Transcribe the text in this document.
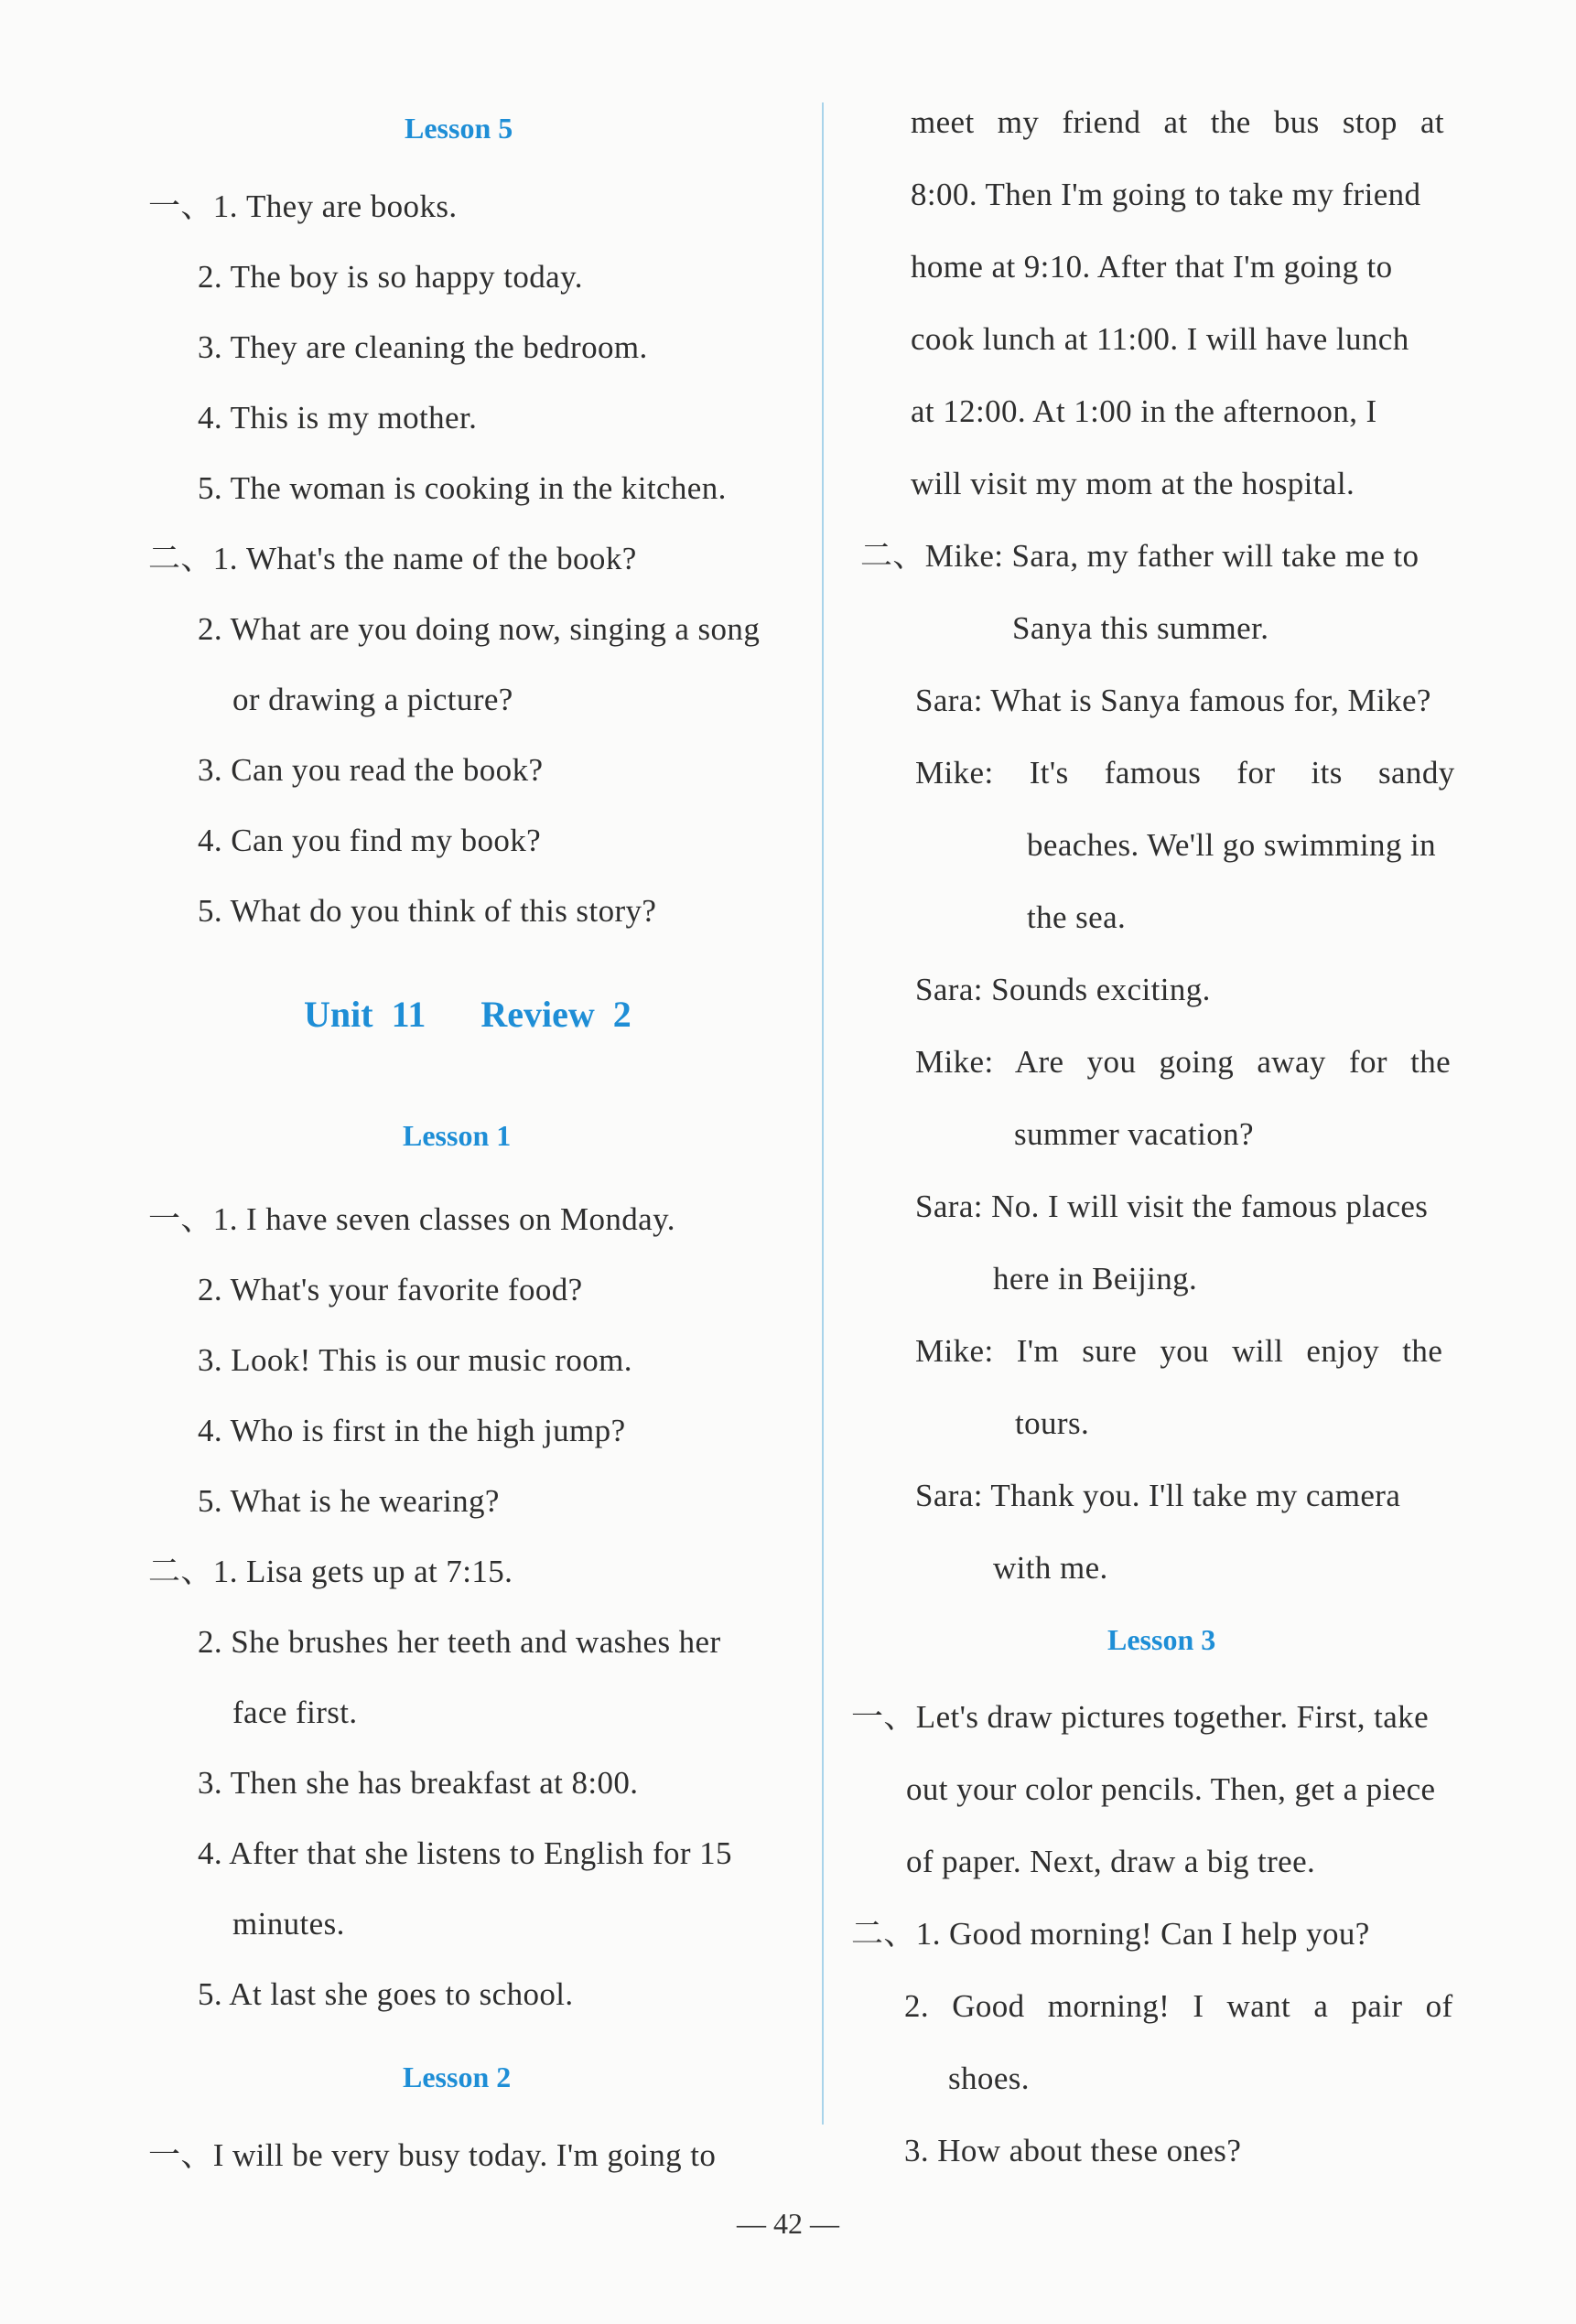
Lesson 5
一、1. They are books.
2. The boy is so happy today.
3. They are cleaning the bedroom.
4. This is my mother.
5. The woman is cooking in the kitchen.
二、1. What's the name of the book?
2. What are you doing now, singing a song
or drawing a picture?
3. Can you read the book?
4. Can you find my book?
5. What do you think of this story?
Unit 11   Review 2
Lesson 1
一、1. I have seven classes on Monday.
2. What's your favorite food?
3. Look! This is our music room.
4. Who is first in the high jump?
5. What is he wearing?
二、1. Lisa gets up at 7:15.
2. She brushes her teeth and washes her
face first.
3. Then she has breakfast at 8:00.
4. After that she listens to English for 15
minutes.
5. At last she goes to school.
Lesson 2
一、I will be very busy today. I'm going to
meet my friend at the bus stop at
8:00. Then I'm going to take my friend
home at 9:10. After that I'm going to
cook lunch at 11:00. I will have lunch
at 12:00. At 1:00 in the afternoon, I
will visit my mom at the hospital.
二、Mike: Sara, my father will take me to
Sanya this summer.
Sara: What is Sanya famous for, Mike?
Mike: It's famous for its sandy
beaches. We'll go swimming in
the sea.
Sara: Sounds exciting.
Mike: Are you going away for the
summer vacation?
Sara: No. I will visit the famous places
here in Beijing.
Mike: I'm sure you will enjoy the
tours.
Sara: Thank you. I'll take my camera
with me.
Lesson 3
一、Let's draw pictures together. First, take
out your color pencils. Then, get a piece
of paper. Next, draw a big tree.
二、1. Good morning! Can I help you?
2. Good morning! I want a pair of
shoes.
3. How about these ones?
— 42 —
